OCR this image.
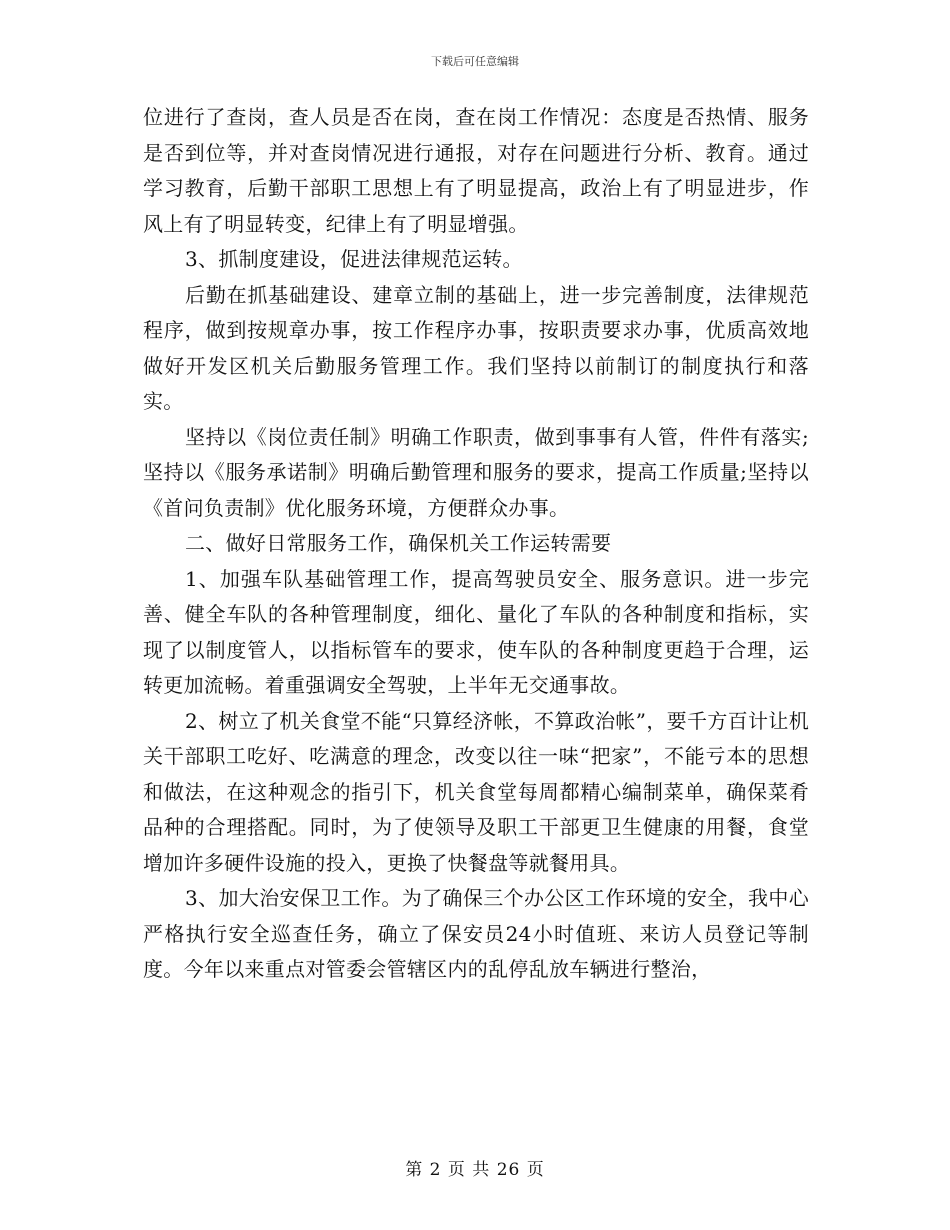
下载后可任意编辑

位进行了查岗，查人员是否在岗，查在岗工作情况：态度是否热情、服务是否到位等，并对查岗情况进行通报，对存在问题进行分析、教育。通过学习教育，后勤干部职工思想上有了明显提高，政治上有了明显进步，作风上有了明显转变，纪律上有了明显增强。

3、抓制度建设，促进法律规范运转。

后勤在抓基础建设、建章立制的基础上，进一步完善制度，法律规范程序，做到按规章办事，按工作程序办事，按职责要求办事，优质高效地做好开发区机关后勤服务管理工作。我们坚持以前制订的制度执行和落实。

坚持以《岗位责任制》明确工作职责，做到事事有人管，件件有落实;坚持以《服务承诺制》明确后勤管理和服务的要求，提高工作质量;坚持以《首问负责制》优化服务环境，方便群众办事。

二、做好日常服务工作，确保机关工作运转需要

1、加强车队基础管理工作，提高驾驶员安全、服务意识。进一步完善、健全车队的各种管理制度，细化、量化了车队的各种制度和指标，实现了以制度管人，以指标管车的要求，使车队的各种制度更趋于合理，运转更加流畅。着重强调安全驾驶，上半年无交通事故。

2、树立了机关食堂不能“只算经济帐，不算政治帐”，要千方百计让机关干部职工吃好、吃满意的理念，改变以往一味“把家”，不能亏本的思想和做法，在这种观念的指引下，机关食堂每周都精心编制菜单，确保菜肴品种的合理搭配。同时，为了使领导及职工干部更卫生健康的用餐，食堂增加许多硬件设施的投入，更换了快餐盘等就餐用具。

3、加大治安保卫工作。为了确保三个办公区工作环境的安全，我中心严格执行安全巡查任务，确立了保安员24小时值班、来访人员登记等制度。今年以来重点对管委会管辖区内的乱停乱放车辆进行整治，

第 2 页 共 26 页
